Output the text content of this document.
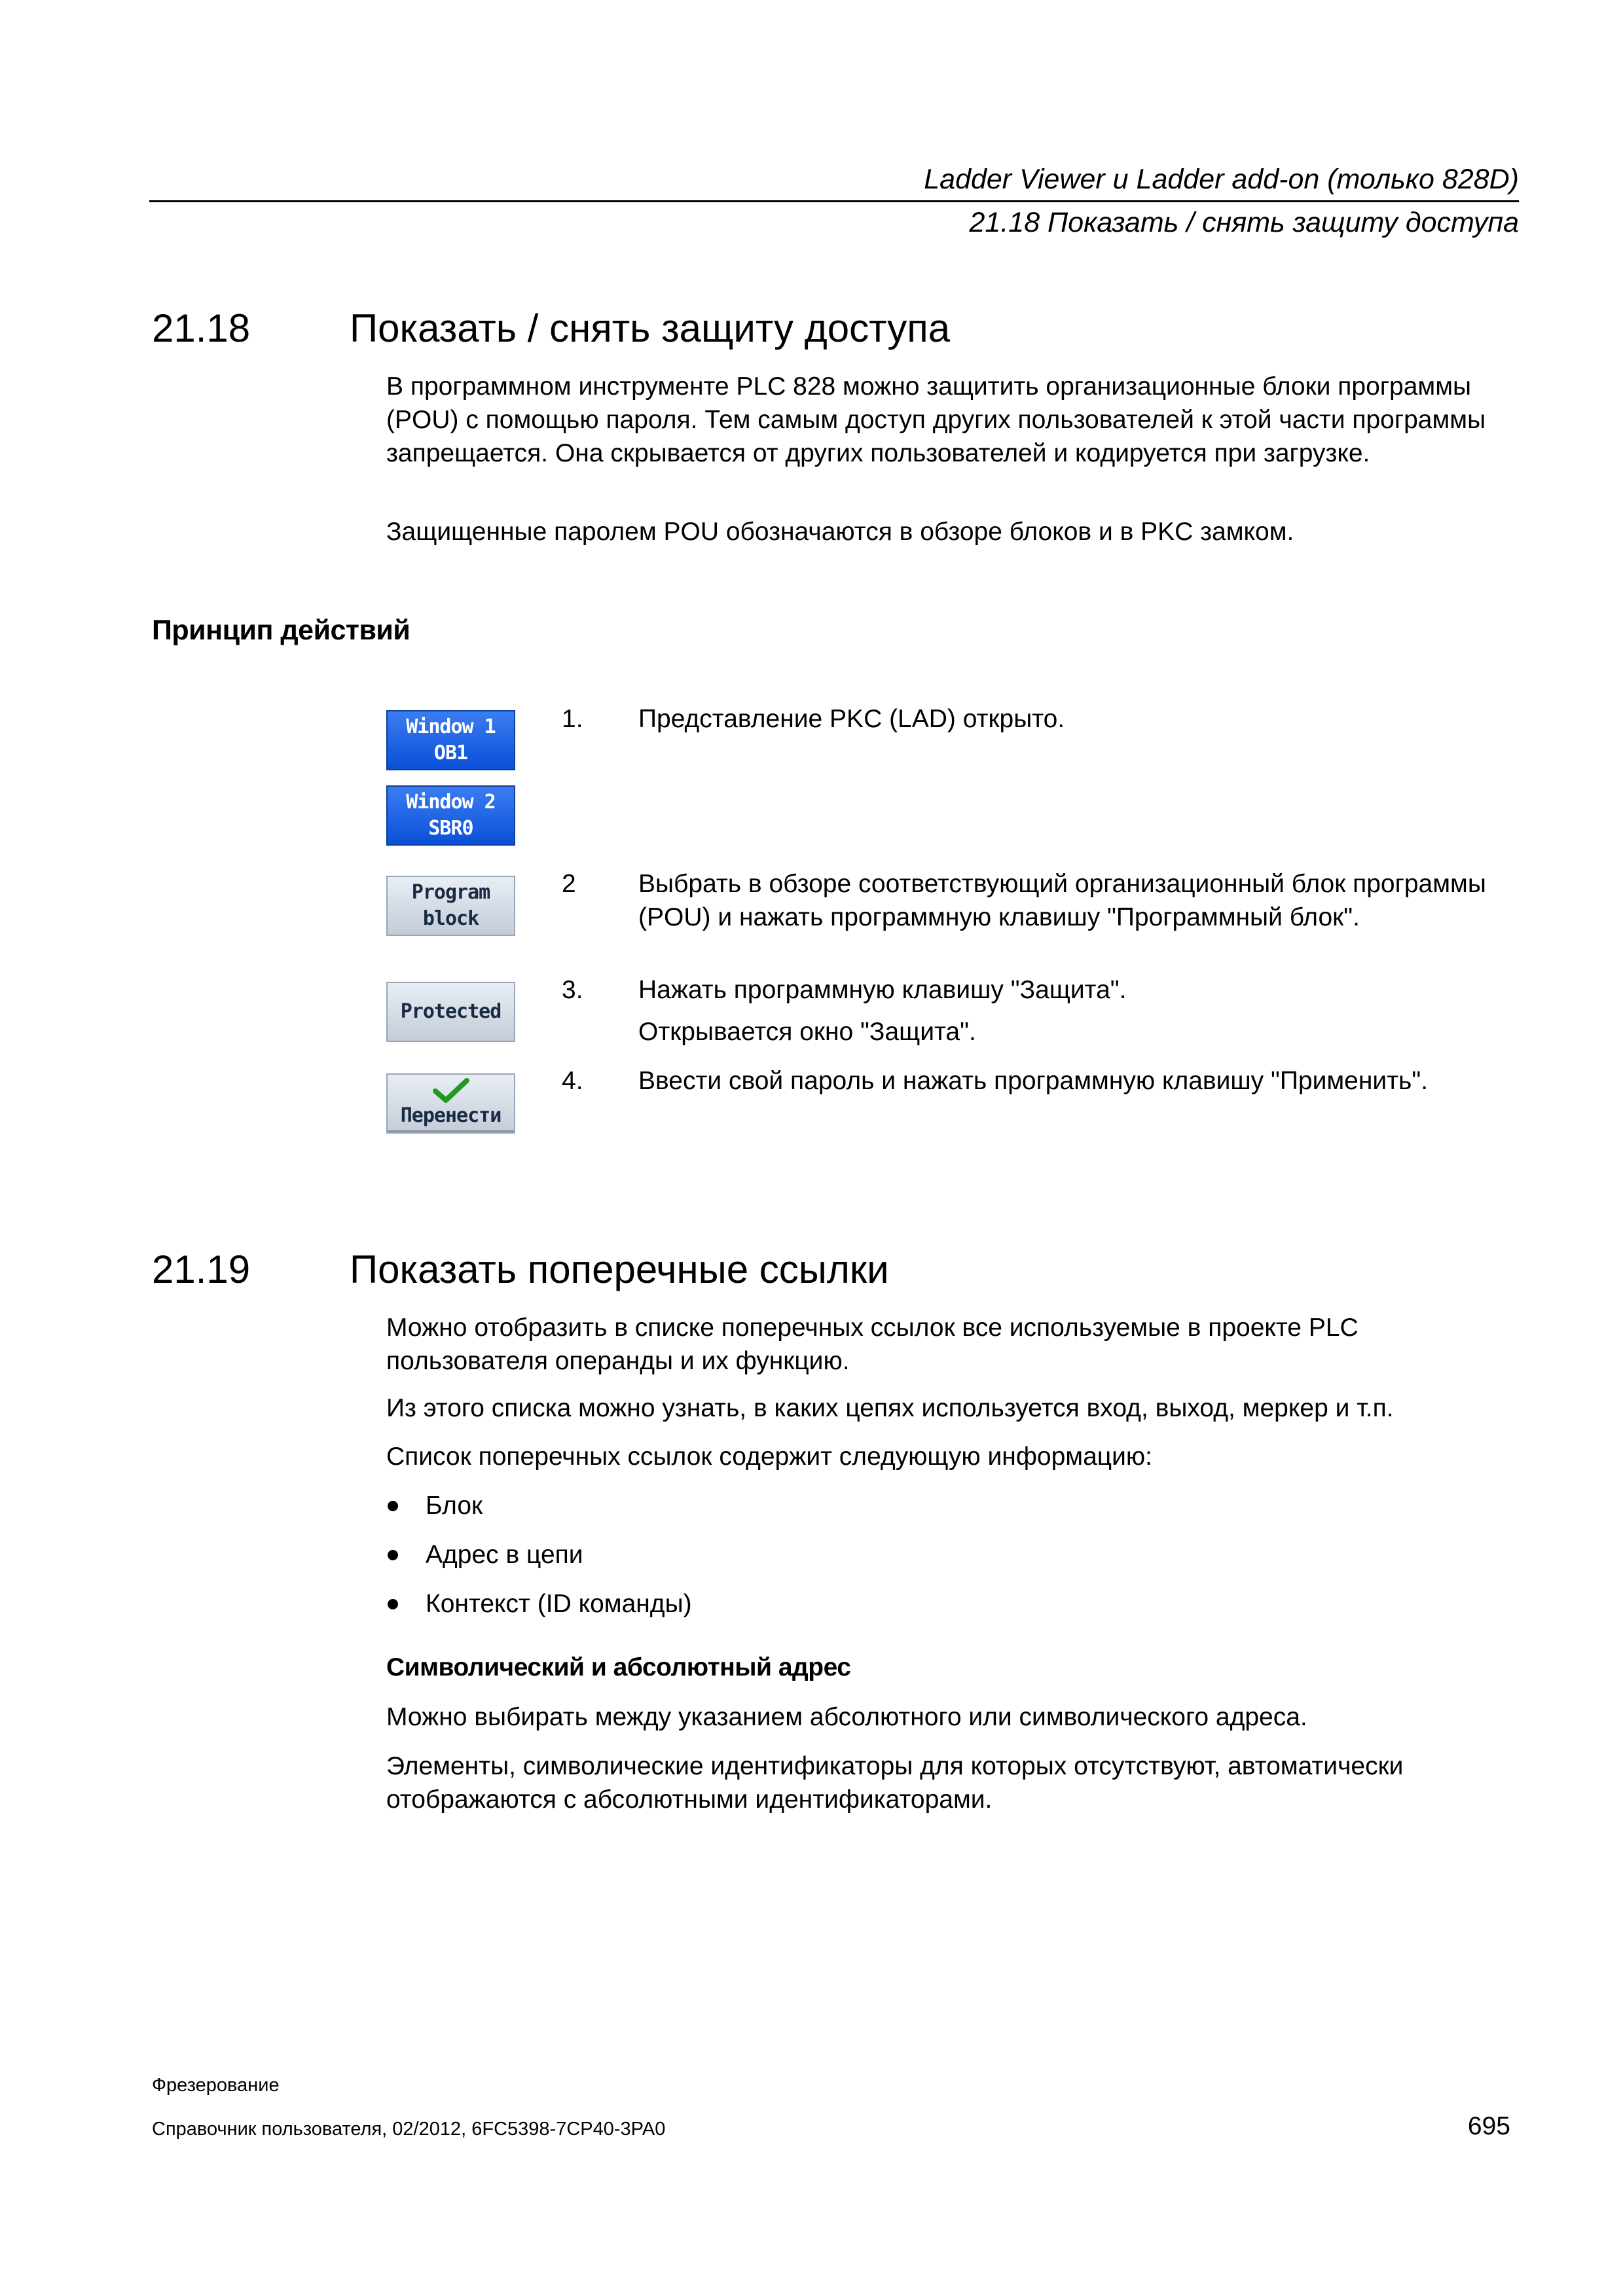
Ladder Viewer и Ladder add-on (только 828D)
21.18 Показать / снять защиту доступа
21.18	Показать / снять защиту доступа
В программном инструменте PLC 828 можно защитить организационные блоки программы (POU) с помощью пароля. Тем самым доступ других пользователей к этой части программы запрещается. Она скрывается от других пользователей и кодируется при загрузке.
Защищенные паролем POU обозначаются в обзоре блоков и в PKC замком.
Принцип действий
Window 1
OB1
Window 2
SBR0
Program
block
Protected
Перенести
1. Представление PKC (LAD) открыто.
2 Выбрать в обзоре соответствующий организационный блок программы (POU) и нажать программную клавишу "Программный блок".
3. Нажать программную клавишу "Защита".
Открывается окно "Защита".
4. Ввести свой пароль и нажать программную клавишу "Применить".
21.19	Показать поперечные ссылки
Можно отобразить в списке поперечных ссылок все используемые в проекте PLC пользователя операнды и их функцию.
Из этого списка можно узнать, в каких цепях используется вход, выход, меркер и т.п.
Список поперечных ссылок содержит следующую информацию:
Блок
Адрес в цепи
Контекст (ID команды)
Символический и абсолютный адрес
Можно выбирать между указанием абсолютного или символического адреса.
Элементы, символические идентификаторы для которых отсутствуют, автоматически отображаются с абсолютными идентификаторами.
Фрезерование
Справочник пользователя, 02/2012, 6FC5398-7CP40-3PA0	695
